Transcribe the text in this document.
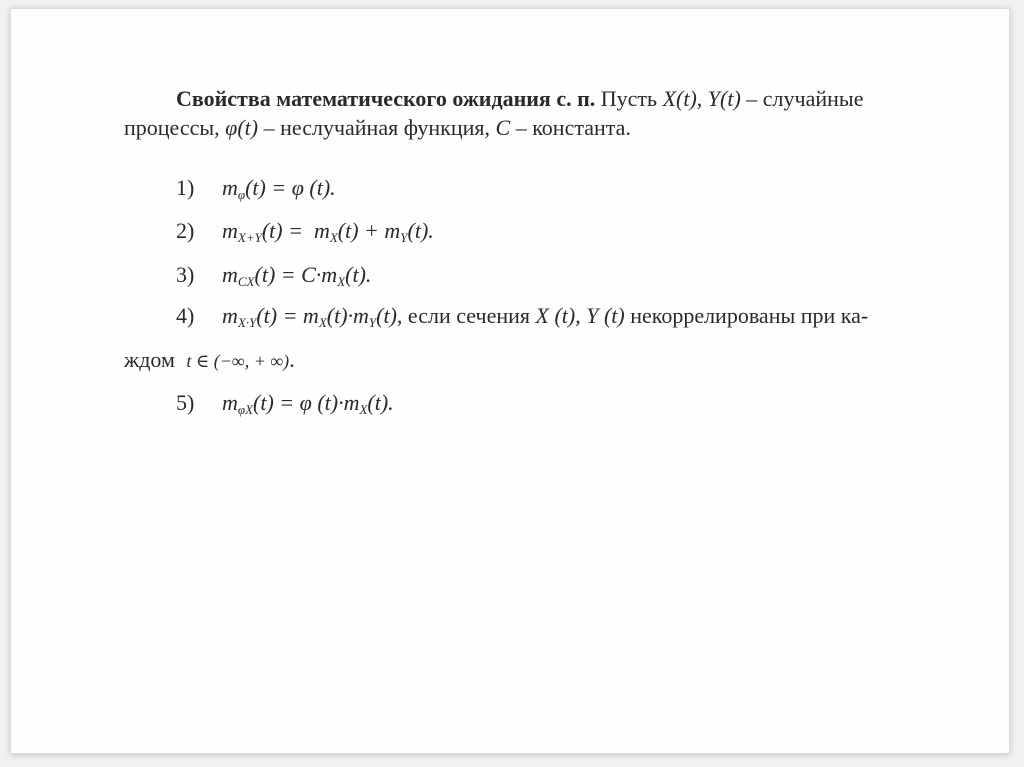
Свойства математического ожидания с. п. Пусть X(t), Y(t) – случайные

процессы, φ(t) – неслучайная функция, C – константа.

1) $m_\varphi(t) = \varphi$ (t).

2) $m_{X+Y}(t) = m_X(t) + m_Y(t)$.

3) $m_{CX}(t) = C\cdot m_X(t)$.

4) $m_{X\cdot Y}(t) = m_X(t)\cdot m_Y(t)$, если сечения X (t), Y (t) некоррелированы при ка-

ждом t ∈ (−∞, + ∞).

5) $m_{\varphi X}(t) = \varphi$ $(t)\cdot m_X(t)$.
